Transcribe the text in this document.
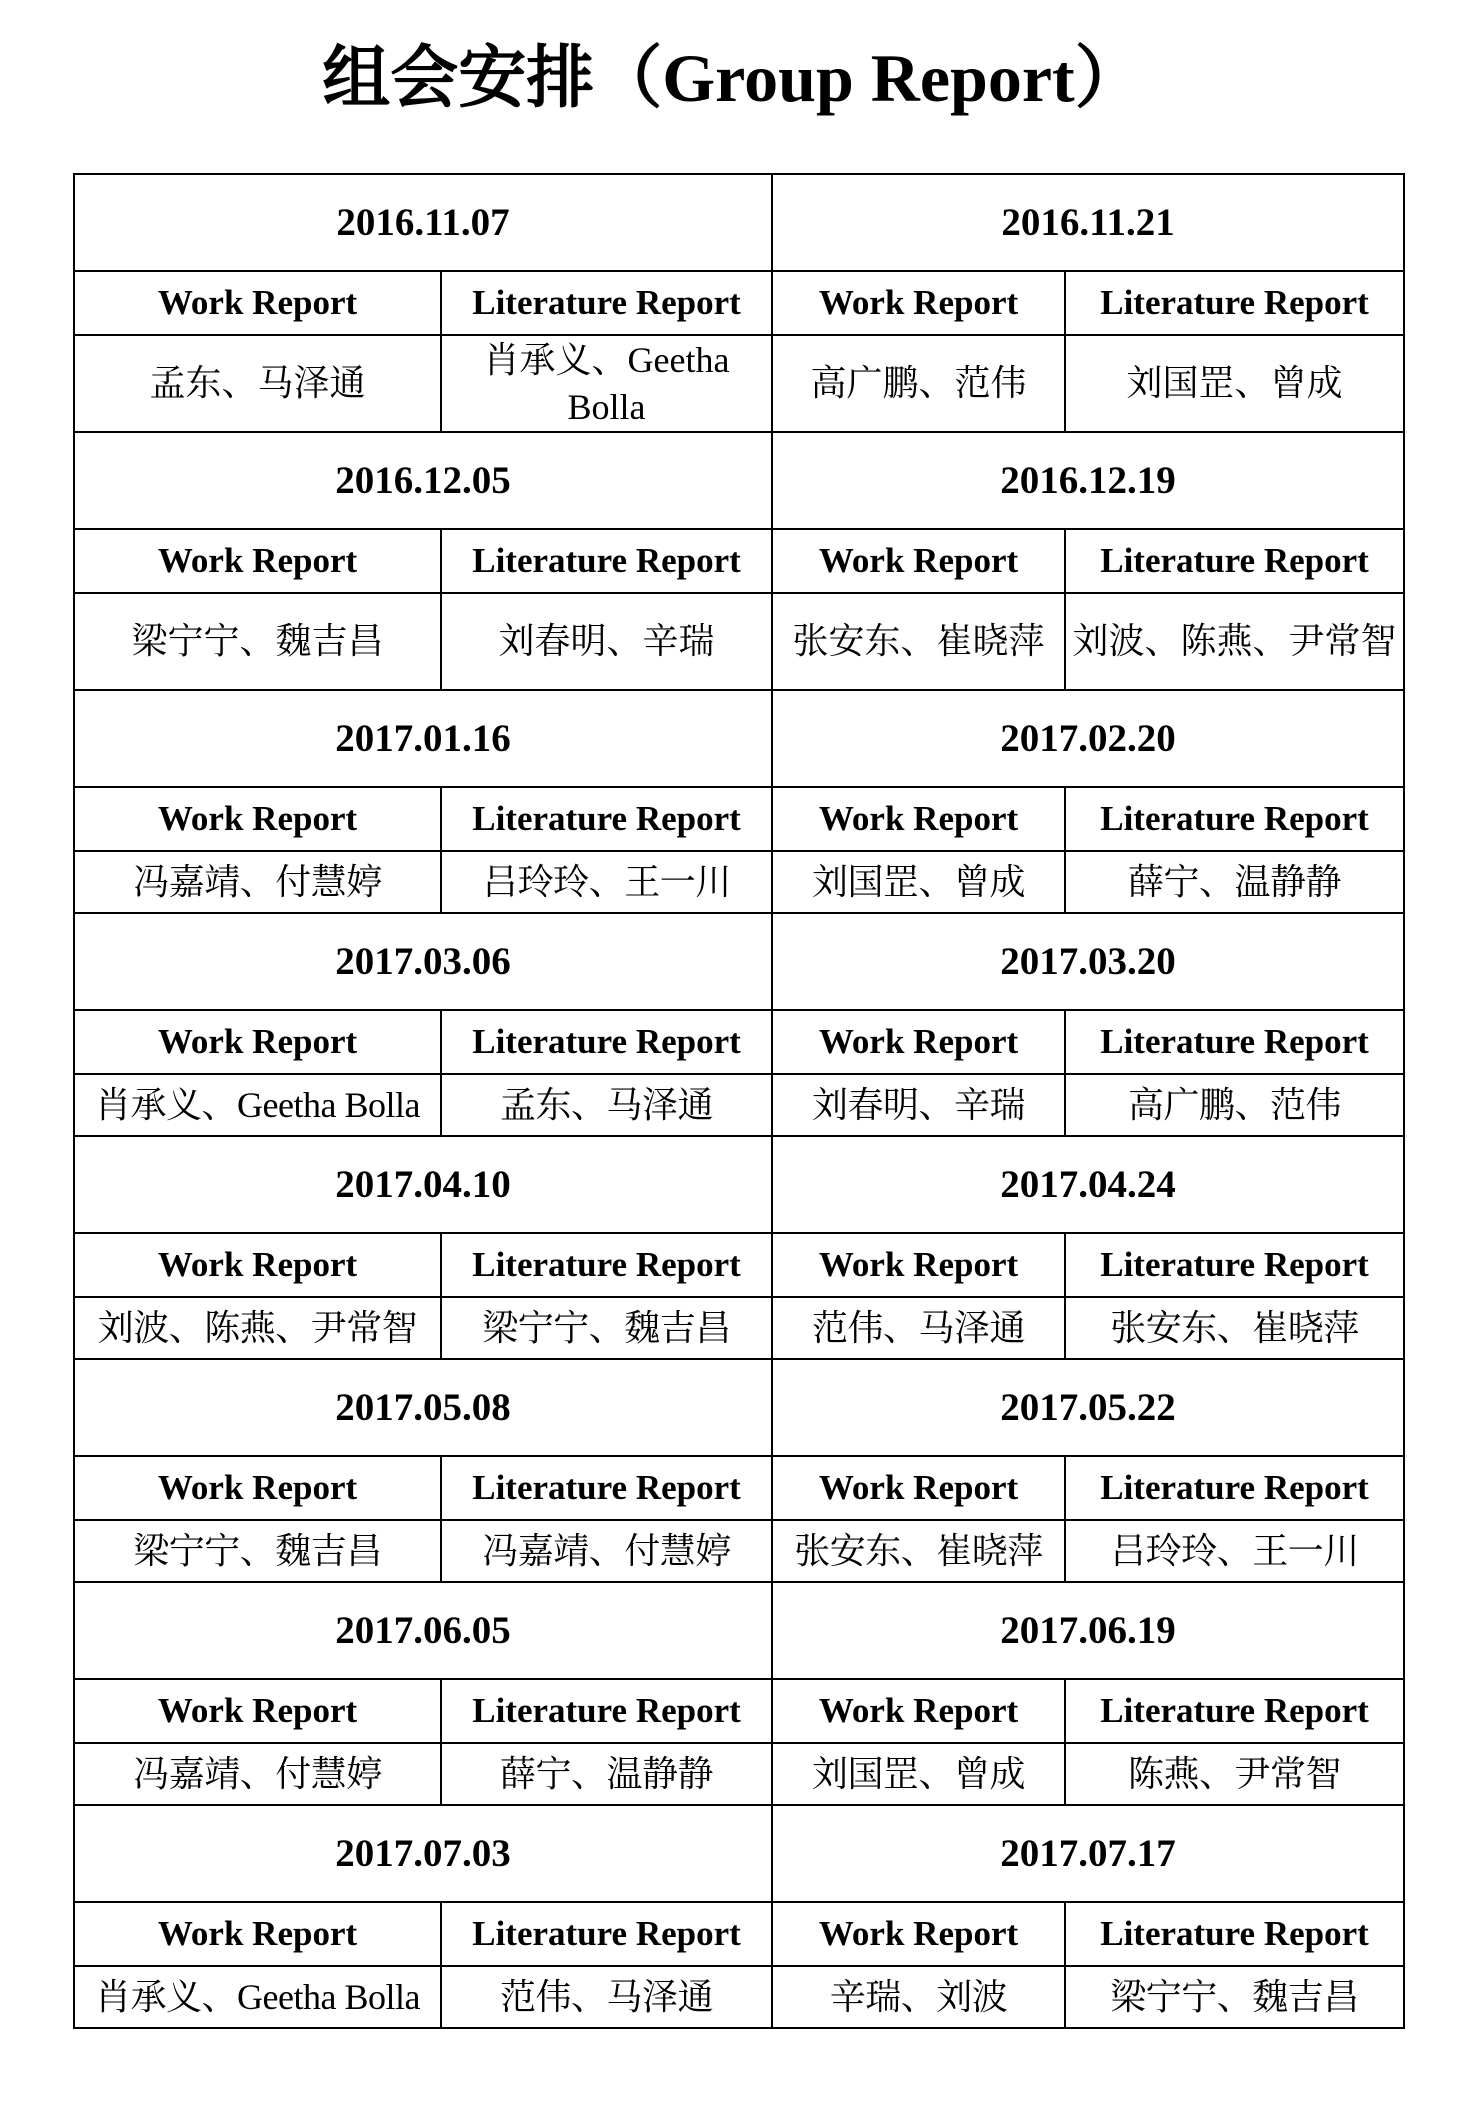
组会安排（Group Report）
2016.11.07		2016.11.21	
Work Report	Literature Report	Work Report	Literature Report
孟东、马泽通	肖承义、Geetha Bolla	高广鹏、范伟	刘国罡、曾成
2016.12.05		2016.12.19	
Work Report	Literature Report	Work Report	Literature Report
梁宁宁、魏吉昌	刘春明、辛瑞	张安东、崔晓萍	刘波、陈燕、尹常智
2017.01.16		2017.02.20	
Work Report	Literature Report	Work Report	Literature Report
冯嘉靖、付慧婷	吕玲玲、王一川	刘国罡、曾成	薛宁、温静静
2017.03.06		2017.03.20	
Work Report	Literature Report	Work Report	Literature Report
肖承义、Geetha Bolla	孟东、马泽通	刘春明、辛瑞	高广鹏、范伟
2017.04.10		2017.04.24	
Work Report	Literature Report	Work Report	Literature Report
刘波、陈燕、尹常智	梁宁宁、魏吉昌	范伟、马泽通	张安东、崔晓萍
2017.05.08		2017.05.22	
Work Report	Literature Report	Work Report	Literature Report
梁宁宁、魏吉昌	冯嘉靖、付慧婷	张安东、崔晓萍	吕玲玲、王一川
2017.06.05		2017.06.19	
Work Report	Literature Report	Work Report	Literature Report
冯嘉靖、付慧婷	薛宁、温静静	刘国罡、曾成	陈燕、尹常智
2017.07.03		2017.07.17	
Work Report	Literature Report	Work Report	Literature Report
肖承义、Geetha Bolla	范伟、马泽通	辛瑞、刘波	梁宁宁、魏吉昌
